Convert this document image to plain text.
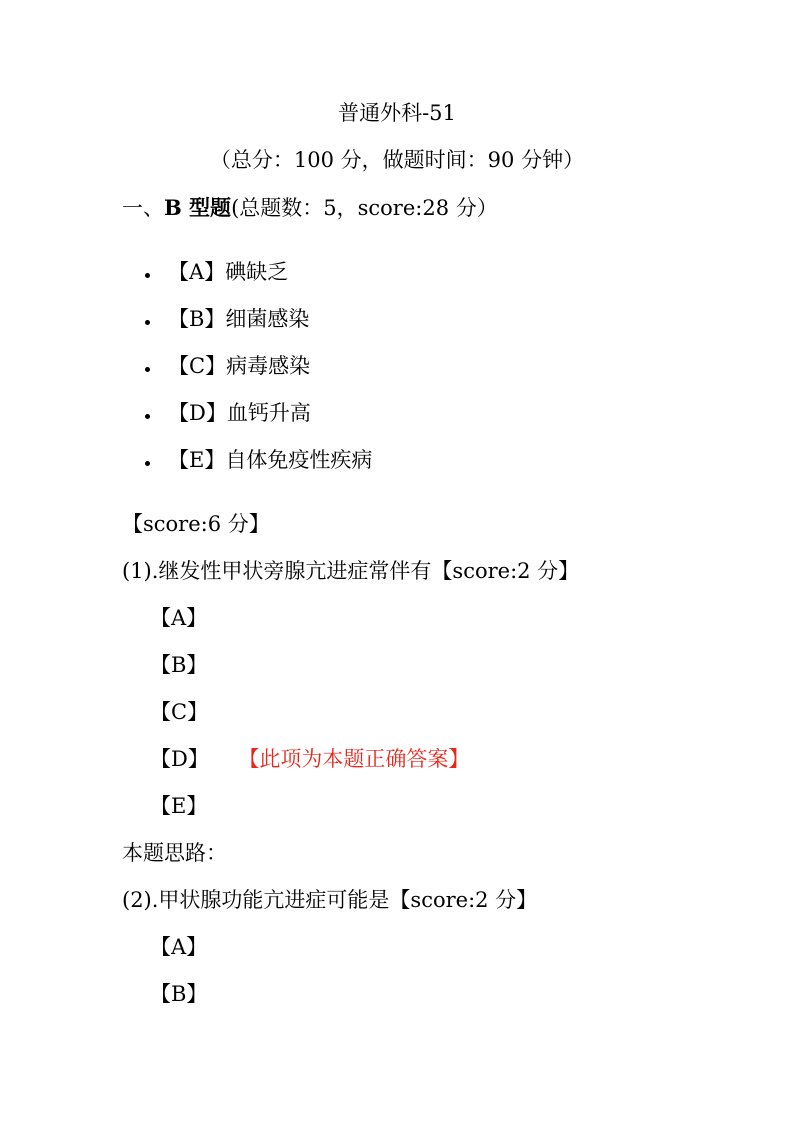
普通外科-51
（总分：100 分，做题时间：90 分钟）
一、B 型题(总题数：5，score:28 分）
【A】碘缺乏
【B】细菌感染
【C】病毒感染
【D】血钙升高
【E】自体免疫性疾病
【score:6 分】
(1).继发性甲状旁腺亢进症常伴有【score:2 分】
【A】
【B】
【C】
【D】 【此项为本题正确答案】
【E】
本题思路：
(2).甲状腺功能亢进症可能是【score:2 分】
【A】
【B】
